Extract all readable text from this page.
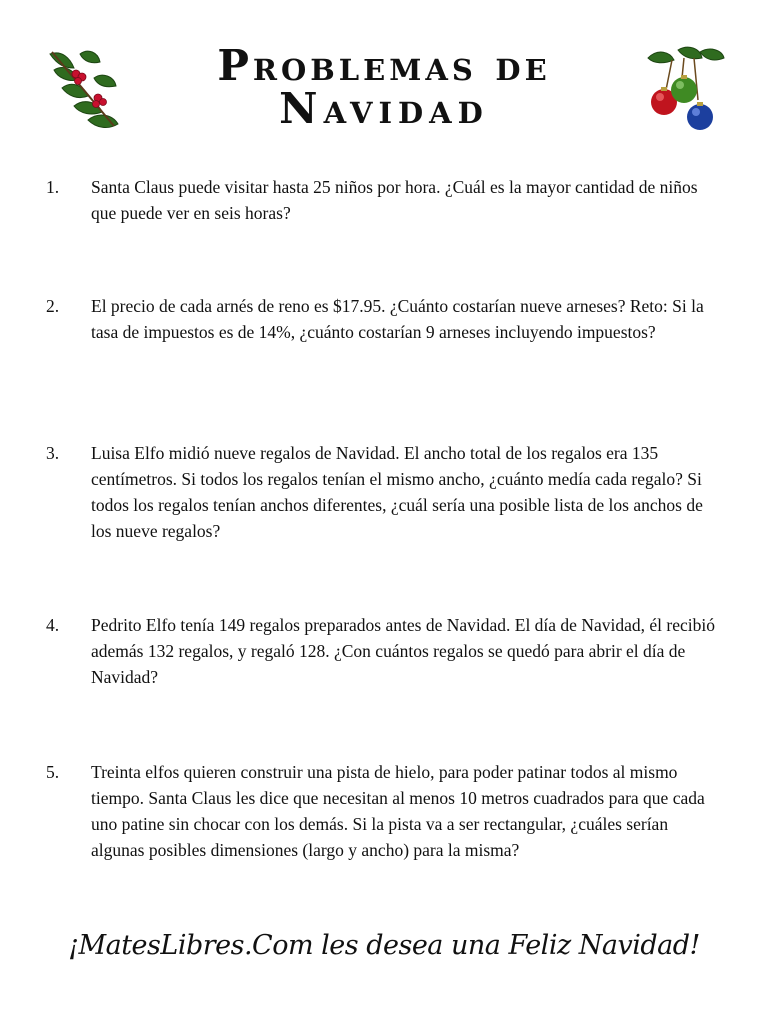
Problemas de
Navidad
1. Santa Claus puede visitar hasta 25 niños por hora. ¿Cuál es la mayor cantidad de niños que puede ver en seis horas?
2. El precio de cada arnés de reno es $17.95. ¿Cuánto costarían nueve arneses? Reto: Si la tasa de impuestos es de 14%, ¿cuánto costarían 9 arneses incluyendo impuestos?
3. Luisa Elfo midió nueve regalos de Navidad. El ancho total de los regalos era 135 centímetros. Si todos los regalos tenían el mismo ancho, ¿cuánto medía cada regalo? Si todos los regalos tenían anchos diferentes, ¿cuál sería una posible lista de los anchos de los nueve regalos?
4. Pedrito Elfo tenía 149 regalos preparados antes de Navidad. El día de Navidad, él recibió además 132 regalos, y regaló 128. ¿Con cuántos regalos se quedó para abrir el día de Navidad?
5. Treinta elfos quieren construir una pista de hielo, para poder patinar todos al mismo tiempo. Santa Claus les dice que necesitan al menos 10 metros cuadrados para que cada uno patine sin chocar con los demás. Si la pista va a ser rectangular, ¿cuáles serían algunas posibles dimensiones (largo y ancho) para la misma?
¡MatesLibres.Com les desea una Feliz Navidad!
